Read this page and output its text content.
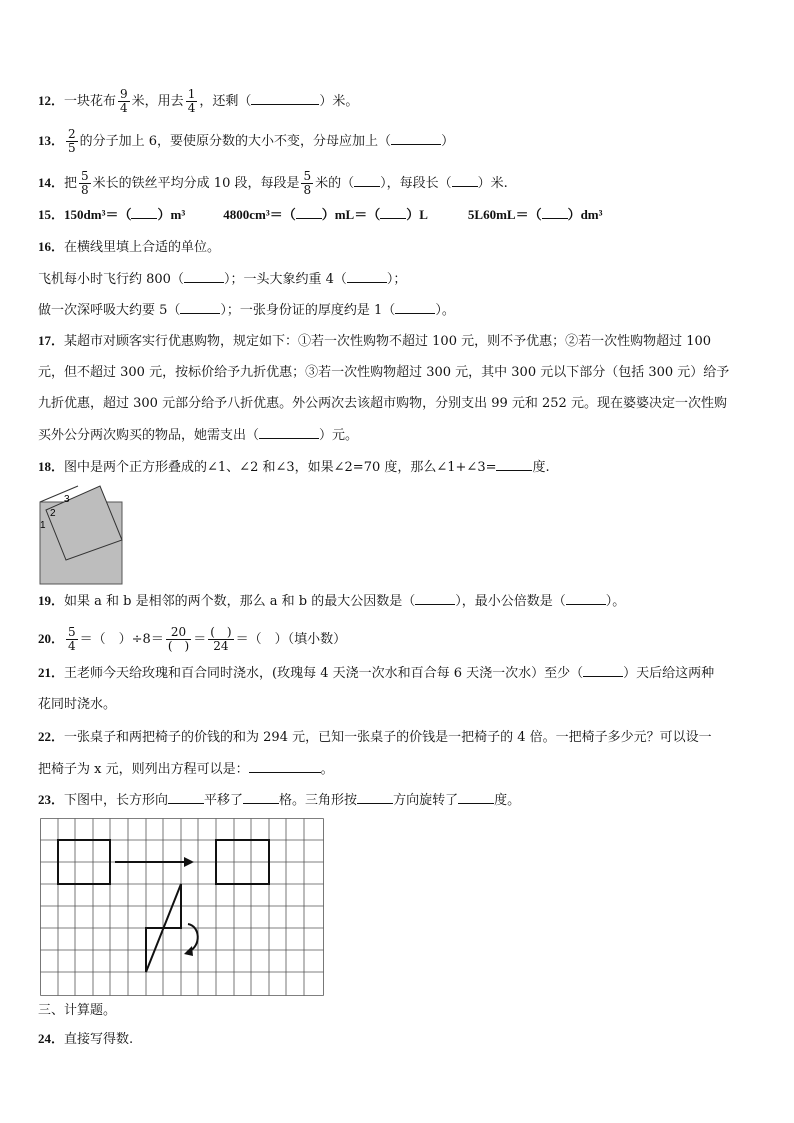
12．一块花布 $\frac{9}{4}$ 米，用去 $\frac{1}{4}$ ，还剩（	）米。
13． $\frac{2}{5}$ 的分子加上 6，要使原分数的大小不变，分母应加上（	）
14．把 $\frac{5}{8}$ 米长的铁丝平均分成 10 段，每段是 $\frac{5}{8}$ 米的（ ），每段长（ ）米.
15．150dm³＝（ ）m³	4800cm³＝（ ）mL＝（ ）L	5L60mL＝（ ）dm³
16．在横线里填上合适的单位。
飞机每小时飞行约 800（	）；一头大象约重 4（	）；
做一次深呼吸大约要 5（	）；一张身份证的厚度约是 1（	）。
17．某超市对顾客实行优惠购物，规定如下：①若一次性购物不超过 100 元，则不予优惠；②若一次性购物超过 100
元，但不超过 300 元，按标价给予九折优惠；③若一次性购物超过 300 元，其中 300 元以下部分（包括 300 元）给予
九折优惠，超过 300 元部分给予八折优惠。外公两次去该超市购物，分别支出 99 元和 252 元。现在婆婆决定一次性购
买外公分两次购买的物品，她需支出（	）元。
18．图中是两个正方形叠成的∠1、∠2 和∠3，如果∠2=70 度，那么∠1+∠3=	度.
1
2
3
19．如果 a 和 b 是相邻的两个数，那么 a 和 b 的最大公因数是（	），最小公倍数是（	）。
20． $\frac{5}{4}$ ＝（　）$\div 8= \frac{20}{( )} = \frac{( )}{24}$ ＝（　）（填小数）
21．王老师今天给玫瑰和百合同时浇水，(玫瑰每 4 天浇一次水和百合每 6 天浇一次水）至少（	）天后给这两种
花同时浇水。
22．一张桌子和两把椅子的价钱的和为 294 元，已知一张桌子的价钱是一把椅子的 4 倍。一把椅子多少元？可以设一
把椅子为 x 元，则列出方程可以是：	。
23．下图中，长方形向	平移了	格。三角形按	方向旋转了	度。
三、计算题。
24．直接写得数.
